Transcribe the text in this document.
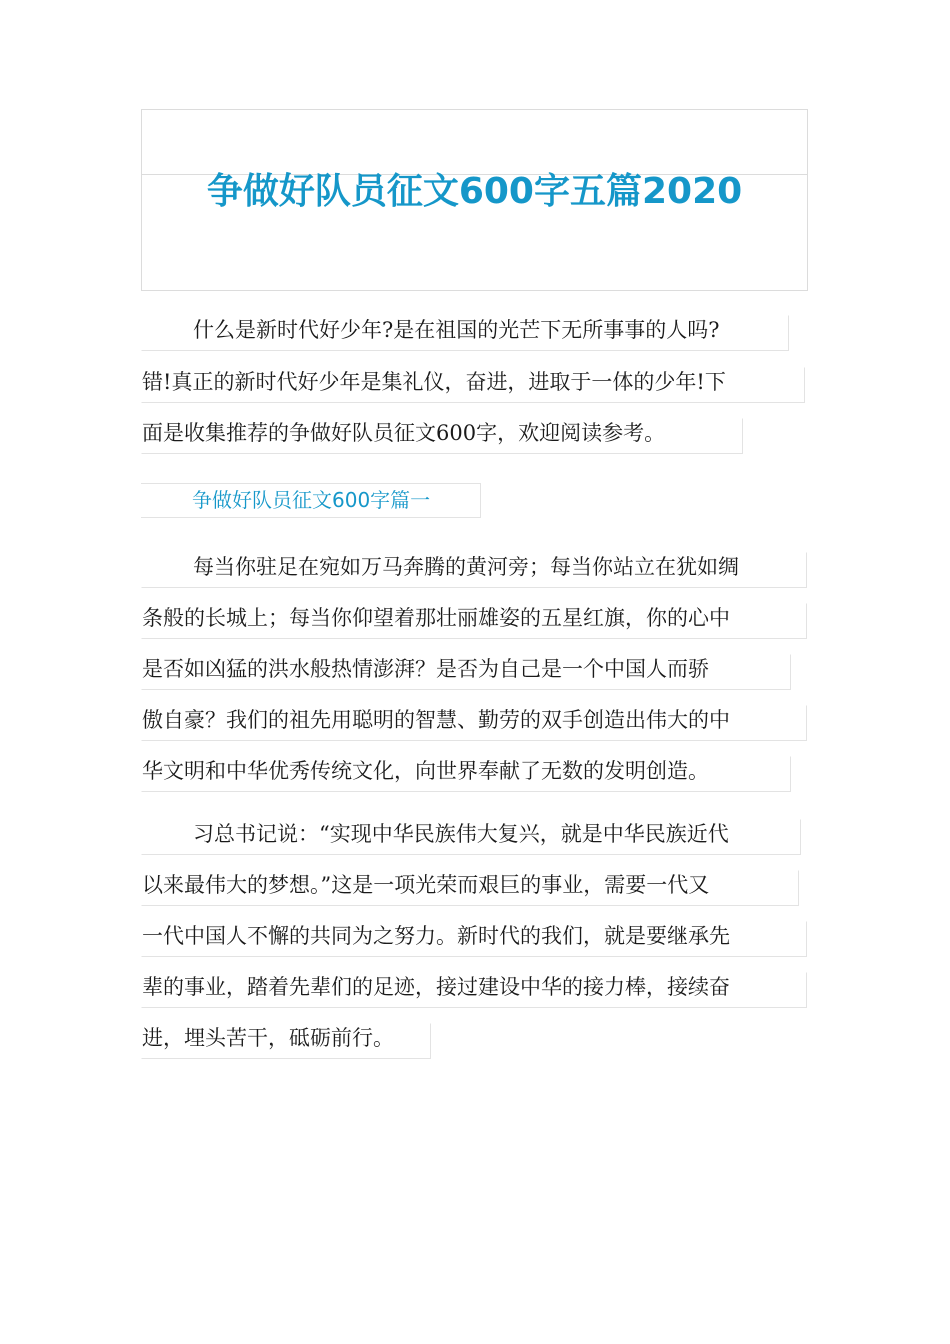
争做好队员征文600字五篇2020
什么是新时代好少年?是在祖国的光芒下无所事事的人吗?
错!真正的新时代好少年是集礼仪，奋进，进取于一体的少年!下
面是收集推荐的争做好队员征文600字，欢迎阅读参考。
争做好队员征文600字篇一
每当你驻足在宛如万马奔腾的黄河旁；每当你站立在犹如绸
条般的长城上；每当你仰望着那壮丽雄姿的五星红旗，你的心中
是否如凶猛的洪水般热情澎湃？是否为自己是一个中国人而骄
傲自豪？我们的祖先用聪明的智慧、勤劳的双手创造出伟大的中
华文明和中华优秀传统文化，向世界奉献了无数的发明创造。
习总书记说：“实现中华民族伟大复兴，就是中华民族近代
以来最伟大的梦想。”这是一项光荣而艰巨的事业，需要一代又
一代中国人不懈的共同为之努力。新时代的我们，就是要继承先
辈的事业，踏着先辈们的足迹，接过建设中华的接力棒，接续奋
进，埋头苦干，砥砺前行。
